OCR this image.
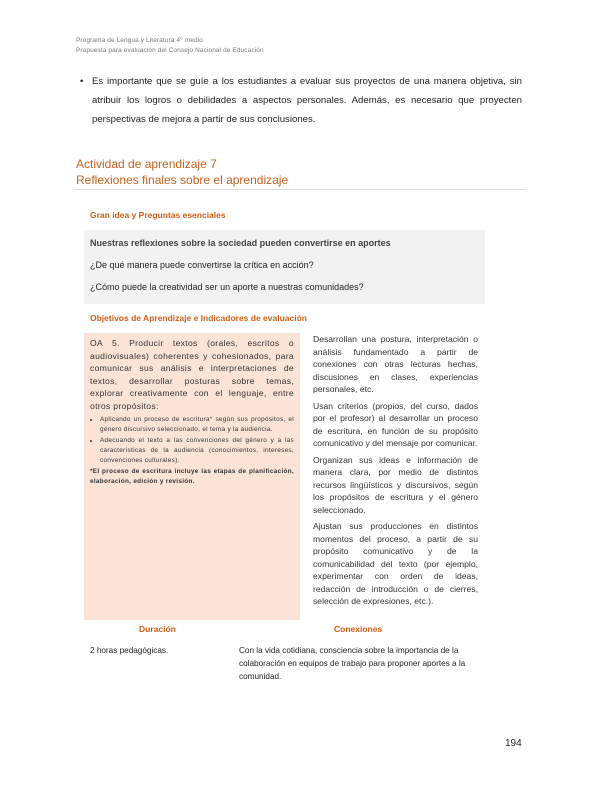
Programa de Lengua y Literatura 4° medio
Propuesta para evaluación del Consejo Nacional de Educación
• Es importante que se guíe a los estudiantes a evaluar sus proyectos de una manera objetiva, sin atribuir los logros o debilidades a aspectos personales. Además, es necesario que proyecten perspectivas de mejora a partir de sus conclusiones.
Actividad de aprendizaje 7
Reflexiones finales sobre el aprendizaje
Gran idea y Preguntas esenciales
Nuestras reflexiones sobre la sociedad pueden convertirse en aportes
¿De qué manera puede convertirse la crítica en acción?
¿Cómo puede la creatividad ser un aporte a nuestras comunidades?
Objetivos de Aprendizaje e Indicadores de evaluación
OA 5. Producir textos (orales, escritos o audiovisuales) coherentes y cohesionados, para comunicar sus análisis e interpretaciones de textos, desarrollar posturas sobre temas, explorar creativamente con el lenguaje, entre otros propósitos:
• Aplicando un proceso de escritura* según sus propósitos, el género discursivo seleccionado, el tema y la audiencia.
• Adecuando el texto a las convenciones del género y a las características de la audiencia (conocimientos, intereses, convenciones culturales).
*El proceso de escritura incluye las etapas de planificación, elaboración, edición y revisión.

Desarrollan una postura, interpretación o análisis fundamentado a partir de conexiones con otras lecturas hechas, discusiones en clases, experiencias personales, etc.

Usan criterios (propios, del curso, dados por el profesor) al desarrollar un proceso de escritura, en función de su propósito comunicativo y del mensaje por comunicar.

Organizan sus ideas e información de manera clara, por medio de distintos recursos lingüísticos y discursivos, según los propósitos de escritura y el género seleccionado.

Ajustan sus producciones en distintos momentos del proceso, a partir de su propósito comunicativo y de la comunicabilidad del texto (por ejemplo, experimentar con orden de ideas, redacción de introducción o de cierres, selección de expresiones, etc.).

Duración	Conexiones
2 horas pedagógicas.	Con la vida cotidiana, consciencia sobre la importancia de la colaboración en equipos de trabajo para proponer aportes a la comunidad.
194
